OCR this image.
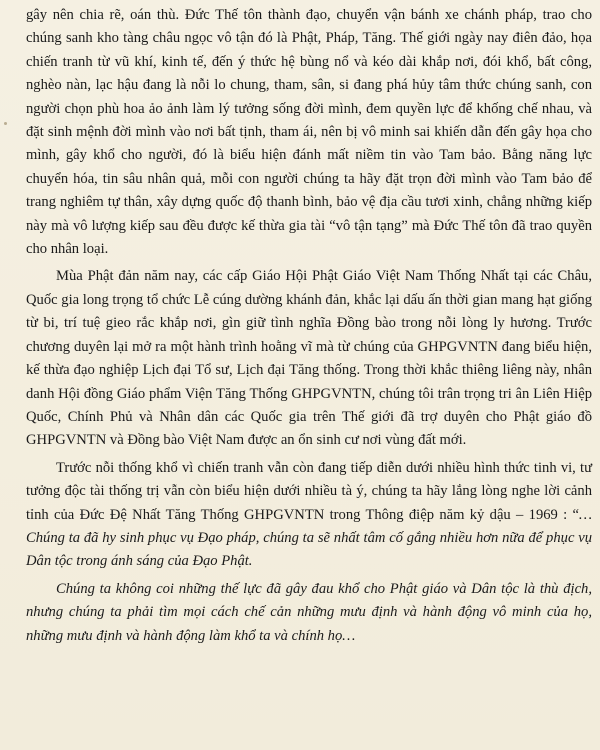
gây nên chia rẽ, oán thù. Đức Thế tôn thành đạo, chuyển vận bánh xe chánh pháp, trao cho chúng sanh kho tàng châu ngọc vô tận đó là Phật, Pháp, Tăng. Thế giới ngày nay điên đảo, họa chiến tranh từ vũ khí, kinh tế, đến ý thức hệ bùng nổ và kéo dài khắp nơi, đói khổ, bất công, nghèo nàn, lạc hậu đang là nỗi lo chung, tham, sân, si đang phá hủy tâm thức chúng sanh, con người chọn phù hoa ảo ảnh làm lý tưởng sống đời mình, đem quyền lực để khống chế nhau, và đặt sinh mệnh đời mình vào nơi bất tịnh, tham ái, nên bị vô minh sai khiến dẫn đến gây họa cho mình, gây khổ cho người, đó là biểu hiện đánh mất niềm tin vào Tam bảo. Bằng năng lực chuyển hóa, tin sâu nhân quả, mỗi con người chúng ta hãy đặt trọn đời mình vào Tam bảo để trang nghiêm tự thân, xây dựng quốc độ thanh bình, bảo vệ địa cầu tươi xinh, chẳng những kiếp này mà vô lượng kiếp sau đều được kế thừa gia tài “vô tận tạng” mà Đức Thế tôn đã trao quyền cho nhân loại.

Mùa Phật đản năm nay, các cấp Giáo Hội Phật Giáo Việt Nam Thống Nhất tại các Châu, Quốc gia long trọng tổ chức Lễ cúng dường khánh đản, khắc lại dấu ấn thời gian mang hạt giống từ bi, trí tuệ gieo rắc khắp nơi, gìn giữ tình nghĩa Đồng bào trong nỗi lòng ly hương. Trước chương duyên lại mở ra một hành trình hoằng vĩ mà từ chúng của GHPGVNTN đang biểu hiện, kế thừa đạo nghiệp Lịch đại Tổ sư, Lịch đại Tăng thống. Trong thời khắc thiêng liêng này, nhân danh Hội đồng Giáo phẩm Viện Tăng Thống GHPGVNTN, chúng tôi trân trọng tri ân Liên Hiệp Quốc, Chính Phủ và Nhân dân các Quốc gia trên Thế giới đã trợ duyên cho Phật giáo đồ GHPGVNTN và Đồng bào Việt Nam được an ổn sinh cư nơi vùng đất mới.

Trước nỗi thống khổ vì chiến tranh vẫn còn đang tiếp diễn dưới nhiều hình thức tinh vi, tư tưởng độc tài thống trị vẫn còn biểu hiện dưới nhiều tà ý, chúng ta hãy lắng lòng nghe lời cảnh tỉnh của Đức Đệ Nhất Tăng Thống GHPGVNTN trong Thông điệp năm kỷ dậu – 1969 : “…Chúng ta đã hy sinh phục vụ Đạo pháp, chúng ta sẽ nhất tâm cố gắng nhiều hơn nữa để phục vụ Dân tộc trong ánh sáng của Đạo Phật.

Chúng ta không coi những thế lực đã gây đau khổ cho Phật giáo và Dân tộc là thù địch, nhưng chúng ta phải tìm mọi cách chế cản những mưu định và hành động vô minh của họ, những mưu định và hành động làm khổ ta và chính họ…
